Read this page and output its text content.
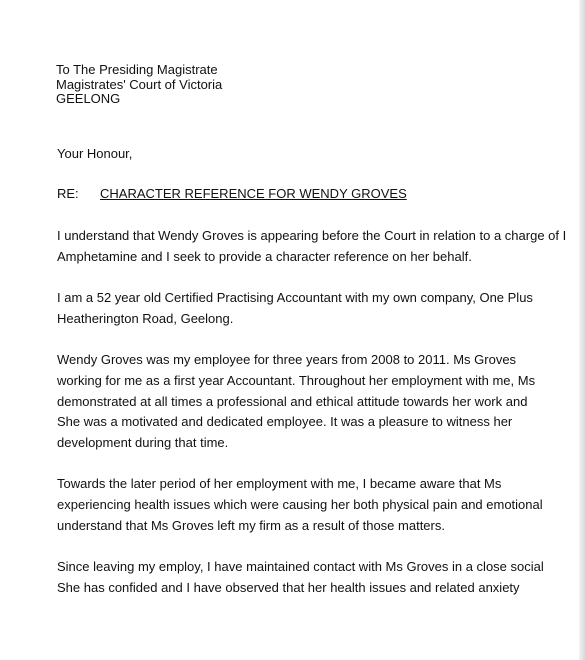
To The Presiding Magistrate
Magistrates' Court of Victoria
GEELONG
Your Honour,
RE: CHARACTER REFERENCE FOR WENDY GROVES
I understand that Wendy Groves is appearing before the Court in relation to a charge of I
Amphetamine and I seek to provide a character reference on her behalf.
I am a 52 year old Certified Practising Accountant with my own company, One Plus
Heatherington Road, Geelong.
Wendy Groves was my employee for three years from 2008 to 2011. Ms Groves
working for me as a first year Accountant. Throughout her employment with me, Ms
demonstrated at all times a professional and ethical attitude towards her work and
She was a motivated and dedicated employee. It was a pleasure to witness her
development during that time.
Towards the later period of her employment with me, I became aware that Ms
experiencing health issues which were causing her both physical pain and emotional
understand that Ms Groves left my firm as a result of those matters.
Since leaving my employ, I have maintained contact with Ms Groves in a close social
She has confided and I have observed that her health issues and related anxiety
